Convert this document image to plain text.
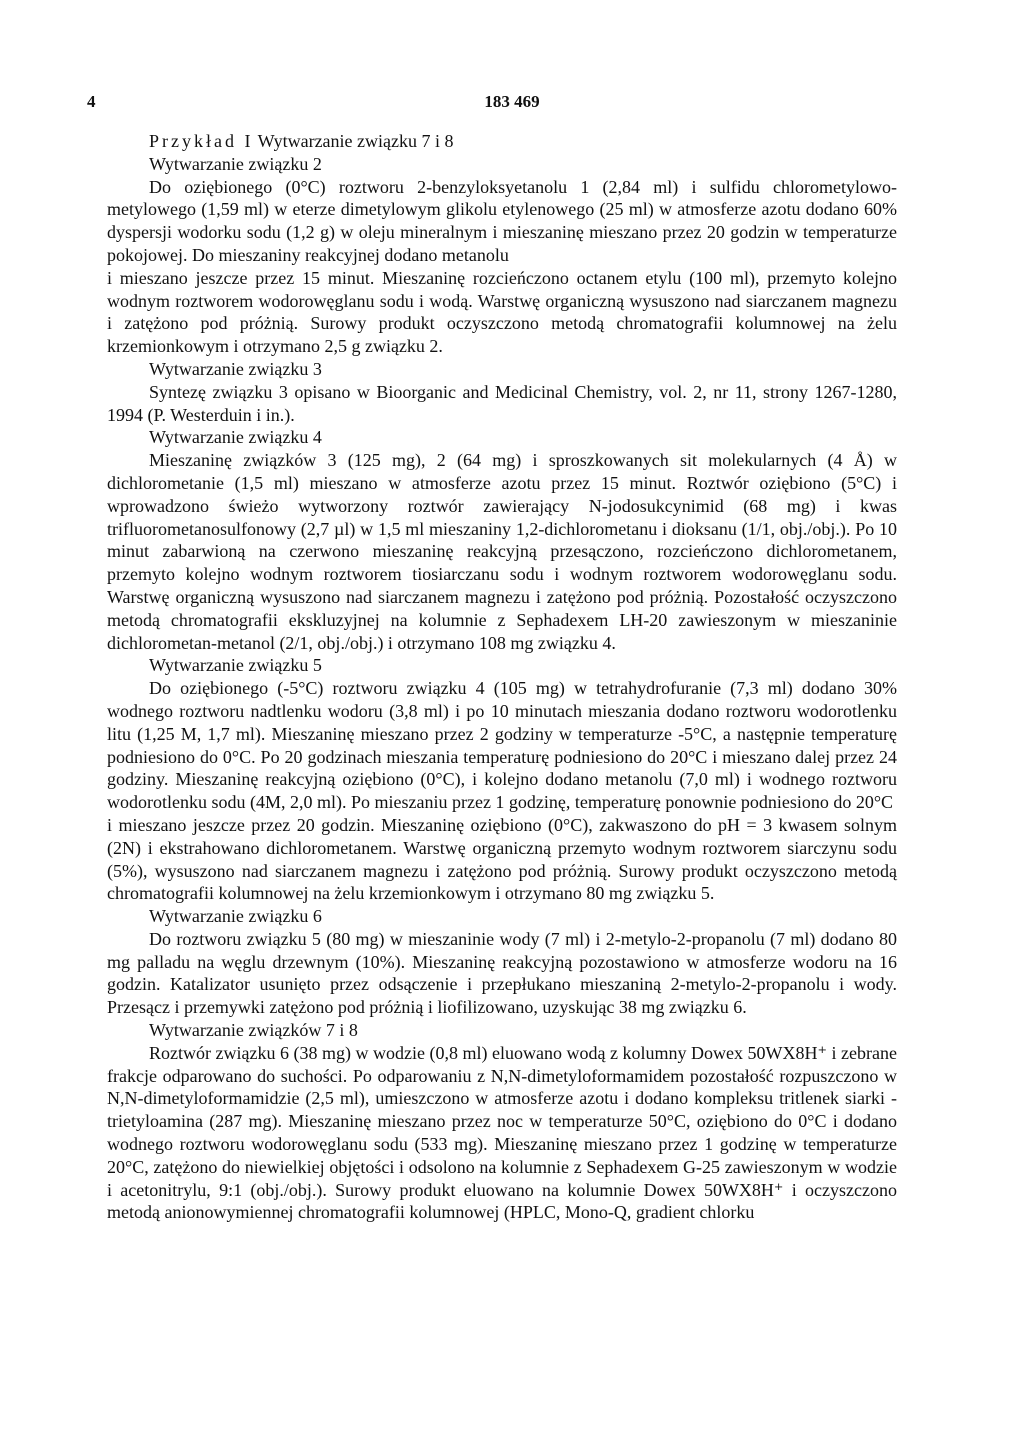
4	183 469

Przykład I Wytwarzanie związku 7 i 8

Wytwarzanie związku 2

Do oziębionego (0°C) roztworu 2-benzyloksyetanolu 1 (2,84 ml) i sulfidu chlorometylowo-metylowego (1,59 ml) w eterze dimetylowym glikolu etylenowego (25 ml) w atmosferze azotu dodano 60% dyspersji wodorku sodu (1,2 g) w oleju mineralnym i mieszaninę mieszano przez 20 godzin w temperaturze pokojowej. Do mieszaniny reakcyjnej dodano metanolu

i mieszano jeszcze przez 15 minut. Mieszaninę rozcieńczono octanem etylu (100 ml), przemyto kolejno wodnym roztworem wodorowęglanu sodu i wodą. Warstwę organiczną wysuszono nad siarczanem magnezu i zatężono pod próżnią. Surowy produkt oczyszczono metodą chromatografii kolumnowej na żelu krzemionkowym i otrzymano 2,5 g związku 2.

Wytwarzanie związku 3

Syntezę związku 3 opisano w Bioorganic and Medicinal Chemistry, vol. 2, nr 11, strony 1267-1280, 1994 (P. Westerduin i in.).

Wytwarzanie związku 4

Mieszaninę związków 3 (125 mg), 2 (64 mg) i sproszkowanych sit molekularnych (4 Å) w dichlorometanie (1,5 ml) mieszano w atmosferze azotu przez 15 minut. Roztwór oziębiono (5°C) i wprowadzono świeżo wytworzony roztwór zawierający N-jodosukcynimid (68 mg) i kwas trifluorometanosulfonowy (2,7 µl) w 1,5 ml mieszaniny 1,2-dichlorometanu i dioksanu (1/1, obj./obj.). Po 10 minut zabarwioną na czerwono mieszaninę reakcyjną przesączono, rozcieńczono dichlorometanem, przemyto kolejno wodnym roztworem tiosiarczanu sodu i wodnym roztworem wodorowęglanu sodu. Warstwę organiczną wysuszono nad siarczanem magnezu i zatężono pod próżnią. Pozostałość oczyszczono metodą chromatografii ekskluzyjnej na kolumnie z Sephadexem LH-20 zawieszonym w mieszaninie dichlorometan-metanol (2/1, obj./obj.) i otrzymano 108 mg związku 4.

Wytwarzanie związku 5

Do oziębionego (-5°C) roztworu związku 4 (105 mg) w tetrahydrofuranie (7,3 ml) dodano 30% wodnego roztworu nadtlenku wodoru (3,8 ml) i po 10 minutach mieszania dodano roztworu wodorotlenku litu (1,25 M, 1,7 ml). Mieszaninę mieszano przez 2 godziny w temperaturze -5°C, a następnie temperaturę podniesiono do 0°C. Po 20 godzinach mieszania temperaturę podniesiono do 20°C i mieszano dalej przez 24 godziny. Mieszaninę reakcyjną oziębiono (0°C), i kolejno dodano metanolu (7,0 ml) i wodnego roztworu wodorotlenku sodu (4M, 2,0 ml). Po mieszaniu przez 1 godzinę, temperaturę ponownie podniesiono do 20°C

i mieszano jeszcze przez 20 godzin. Mieszaninę oziębiono (0°C), zakwaszono do pH = 3 kwasem solnym (2N) i ekstrahowano dichlorometanem. Warstwę organiczną przemyto wodnym roztworem siarczynu sodu (5%), wysuszono nad siarczanem magnezu i zatężono pod próżnią. Surowy produkt oczyszczono metodą chromatografii kolumnowej na żelu krzemionkowym i otrzymano 80 mg związku 5.

Wytwarzanie związku 6

Do roztworu związku 5 (80 mg) w mieszaninie wody (7 ml) i 2-metylo-2-propanolu (7 ml) dodano 80 mg palladu na węglu drzewnym (10%). Mieszaninę reakcyjną pozostawiono w atmosferze wodoru na 16 godzin. Katalizator usunięto przez odsączenie i przepłukano mieszaniną 2-metylo-2-propanolu i wody. Przesącz i przemywki zatężono pod próżnią i liofilizowano, uzyskując 38 mg związku 6.

Wytwarzanie związków 7 i 8

Roztwór związku 6 (38 mg) w wodzie (0,8 ml) eluowano wodą z kolumny Dowex 50WX8H⁺ i zebrane frakcje odparowano do suchości. Po odparowaniu z N,N-dimetyloformamidem pozostałość rozpuszczono w N,N-dimetyloformamidzie (2,5 ml), umieszczono w atmosferze azotu i dodano kompleksu tritlenek siarki - trietyloamina (287 mg). Mieszaninę mieszano przez noc w temperaturze 50°C, oziębiono do 0°C i dodano wodnego roztworu wodorowęglanu sodu (533 mg). Mieszaninę mieszano przez 1 godzinę w temperaturze 20°C, zatężono do niewielkiej objętości i odsolono na kolumnie z Sephadexem G-25 zawieszonym w wodzie i acetonitrylu, 9:1 (obj./obj.). Surowy produkt eluowano na kolumnie Dowex 50WX8H⁺ i oczyszczono metodą anionowymiennej chromatografii kolumnowej (HPLC, Mono-Q, gradient chlorku
